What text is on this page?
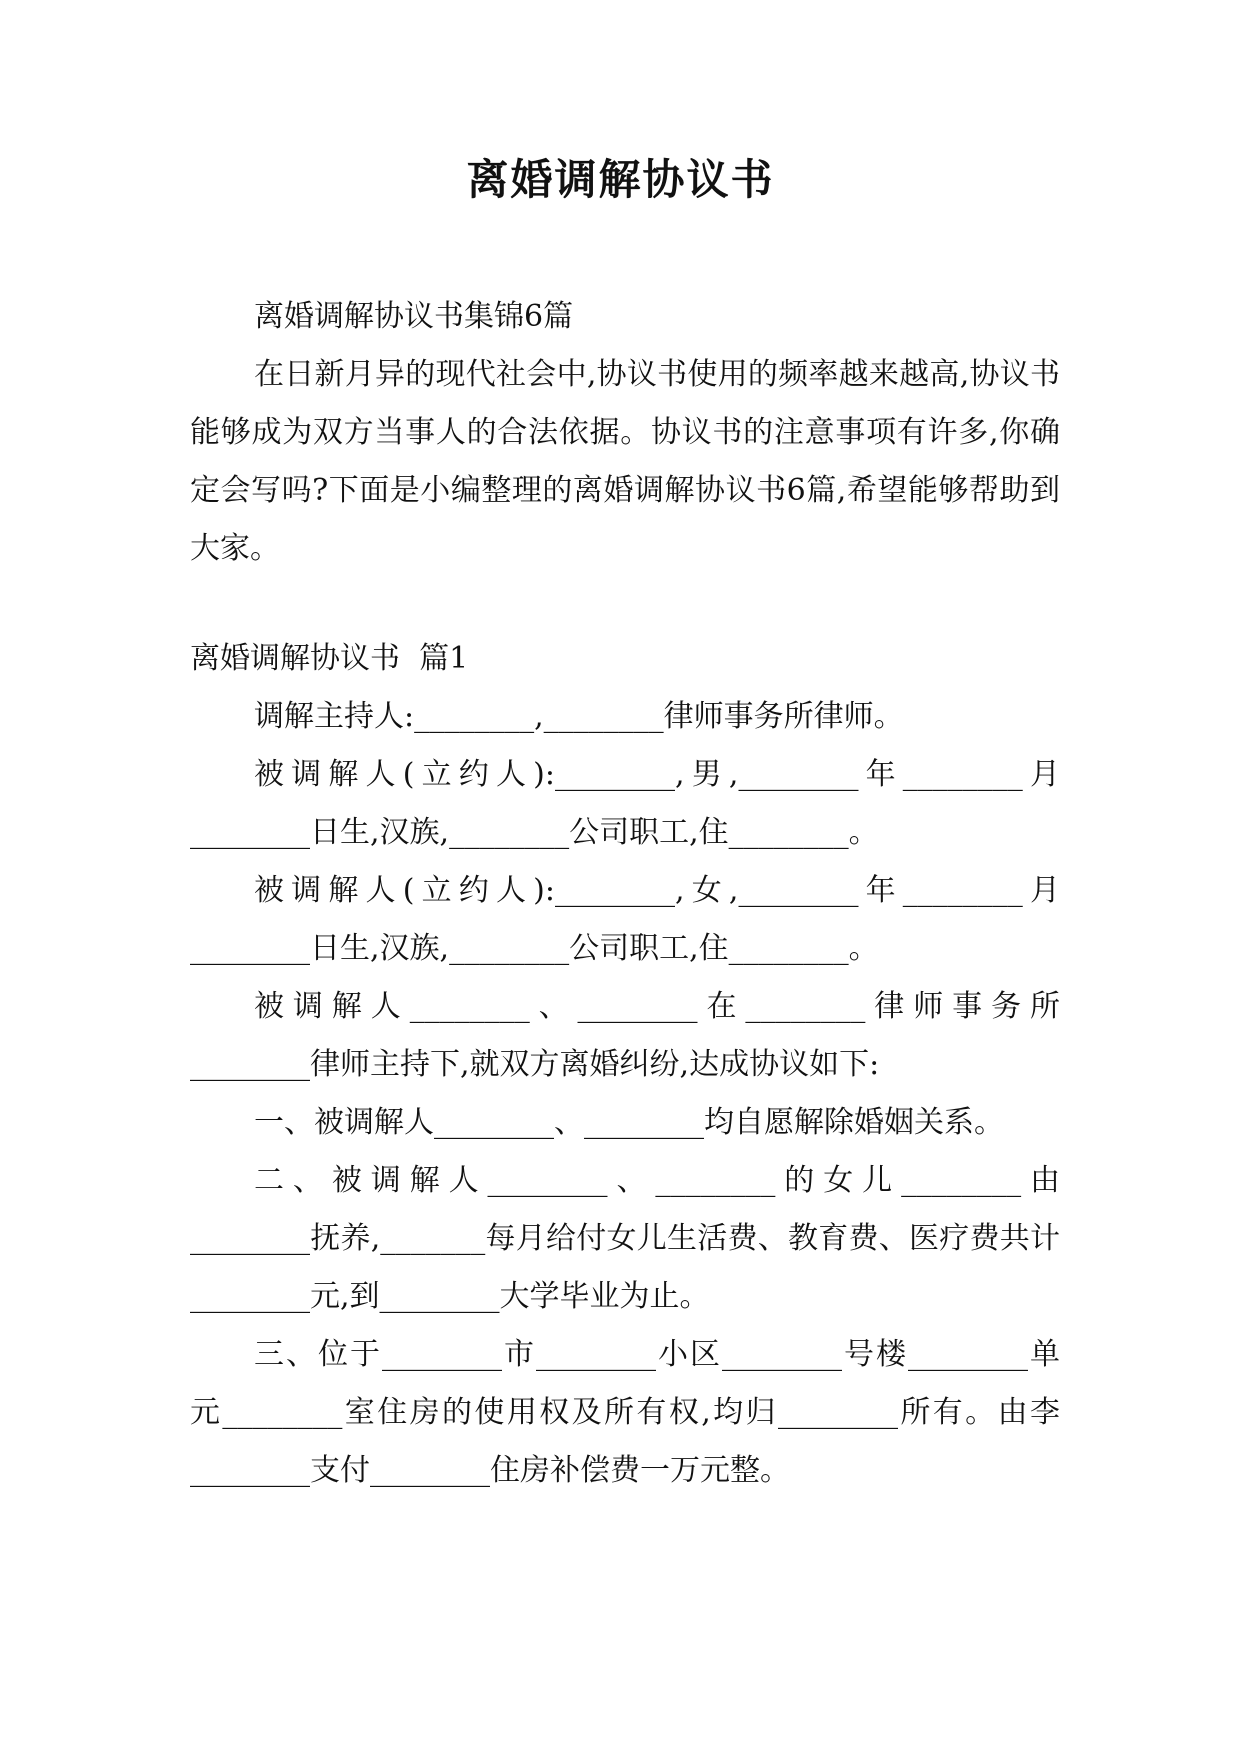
离婚调解协议书

离婚调解协议书集锦6篇

在日新月异的现代社会中,协议书使用的频率越来越高,协议书能够成为双方当事人的合法依据。协议书的注意事项有许多,你确定会写吗?下面是小编整理的离婚调解协议书6篇,希望能够帮助到大家。

离婚调解协议书  篇1

调解主持人:________,________律师事务所律师。

被调解人(立约人):________,男,________年________月________日生,汉族,________公司职工,住________。

被调解人(立约人):________,女,________年________月________日生,汉族,________公司职工,住________。

被调解人________、________在________律师事务所________律师主持下,就双方离婚纠纷,达成协议如下:

一、被调解人________、________均自愿解除婚姻关系。

二、被调解人________、________的女儿________由________抚养,_______每月给付女儿生活费、教育费、医疗费共计________元,到________大学毕业为止。

三、位于________市________小区________号楼________单元________室住房的使用权及所有权,均归________所有。由李________支付________住房补偿费一万元整。
